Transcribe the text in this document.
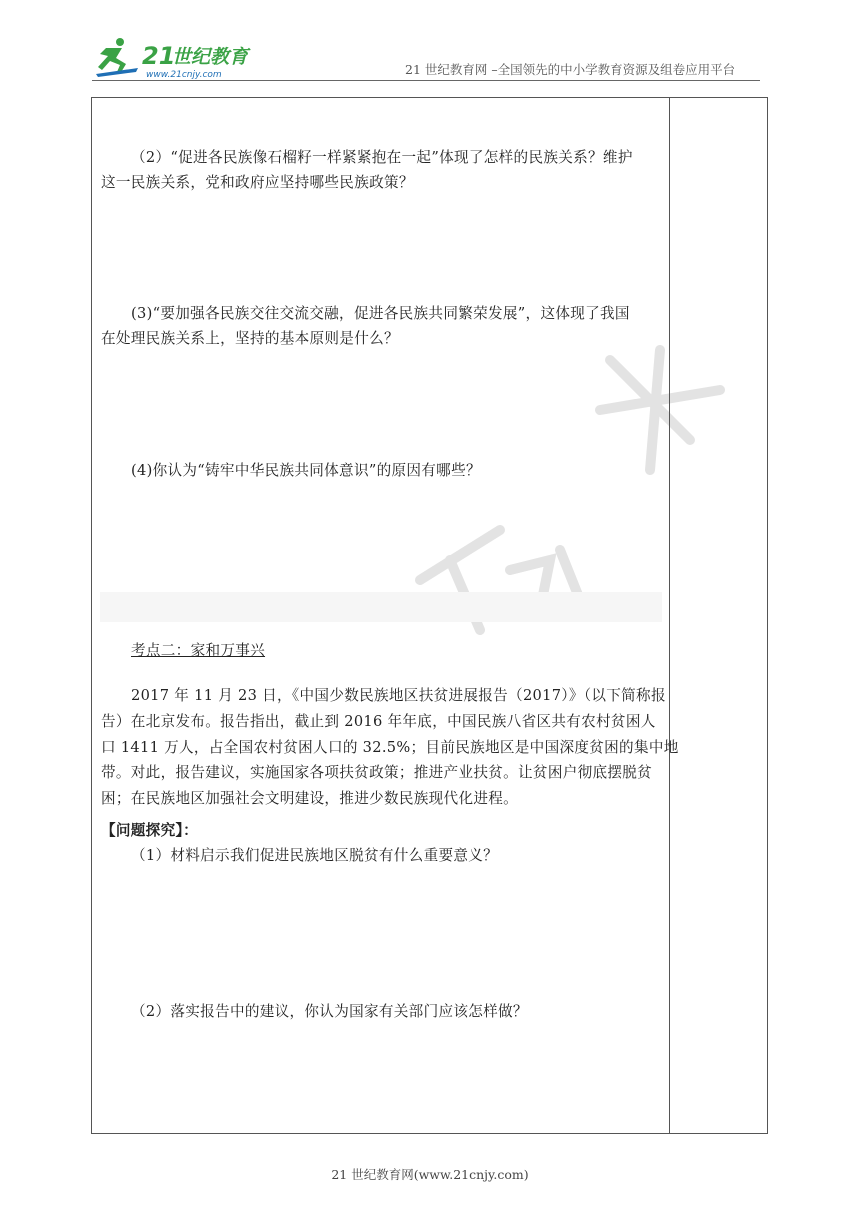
21
世纪教育
www.21cnjy.com	21 世纪教育网 –全国领先的中小学教育资源及组卷应用平台
（2）“促进各民族像石榴籽一样紧紧抱在一起”体现了怎样的民族关系？维护
这一民族关系，党和政府应坚持哪些民族政策？
(3)“要加强各民族交往交流交融，促进各民族共同繁荣发展”，这体现了我国
在处理民族关系上，坚持的基本原则是什么？
(4)你认为“铸牢中华民族共同体意识”的原因有哪些？
考点二：家和万事兴
2017 年 11 月 23 日，《中国少数民族地区扶贫进展报告（2017）》（以下简称报
告）在北京发布。报告指出，截止到 2016 年年底，中国民族八省区共有农村贫困人
口 1411 万人，占全国农村贫困人口的 32.5%；目前民族地区是中国深度贫困的集中地
带。对此，报告建议，实施国家各项扶贫政策；推进产业扶贫。让贫困户彻底摆脱贫
困；在民族地区加强社会文明建设，推进少数民族现代化进程。
【问题探究】：
（1）材料启示我们促进民族地区脱贫有什么重要意义？
（2）落实报告中的建议，你认为国家有关部门应该怎样做？
21 世纪教育网(www.21cnjy.com)
